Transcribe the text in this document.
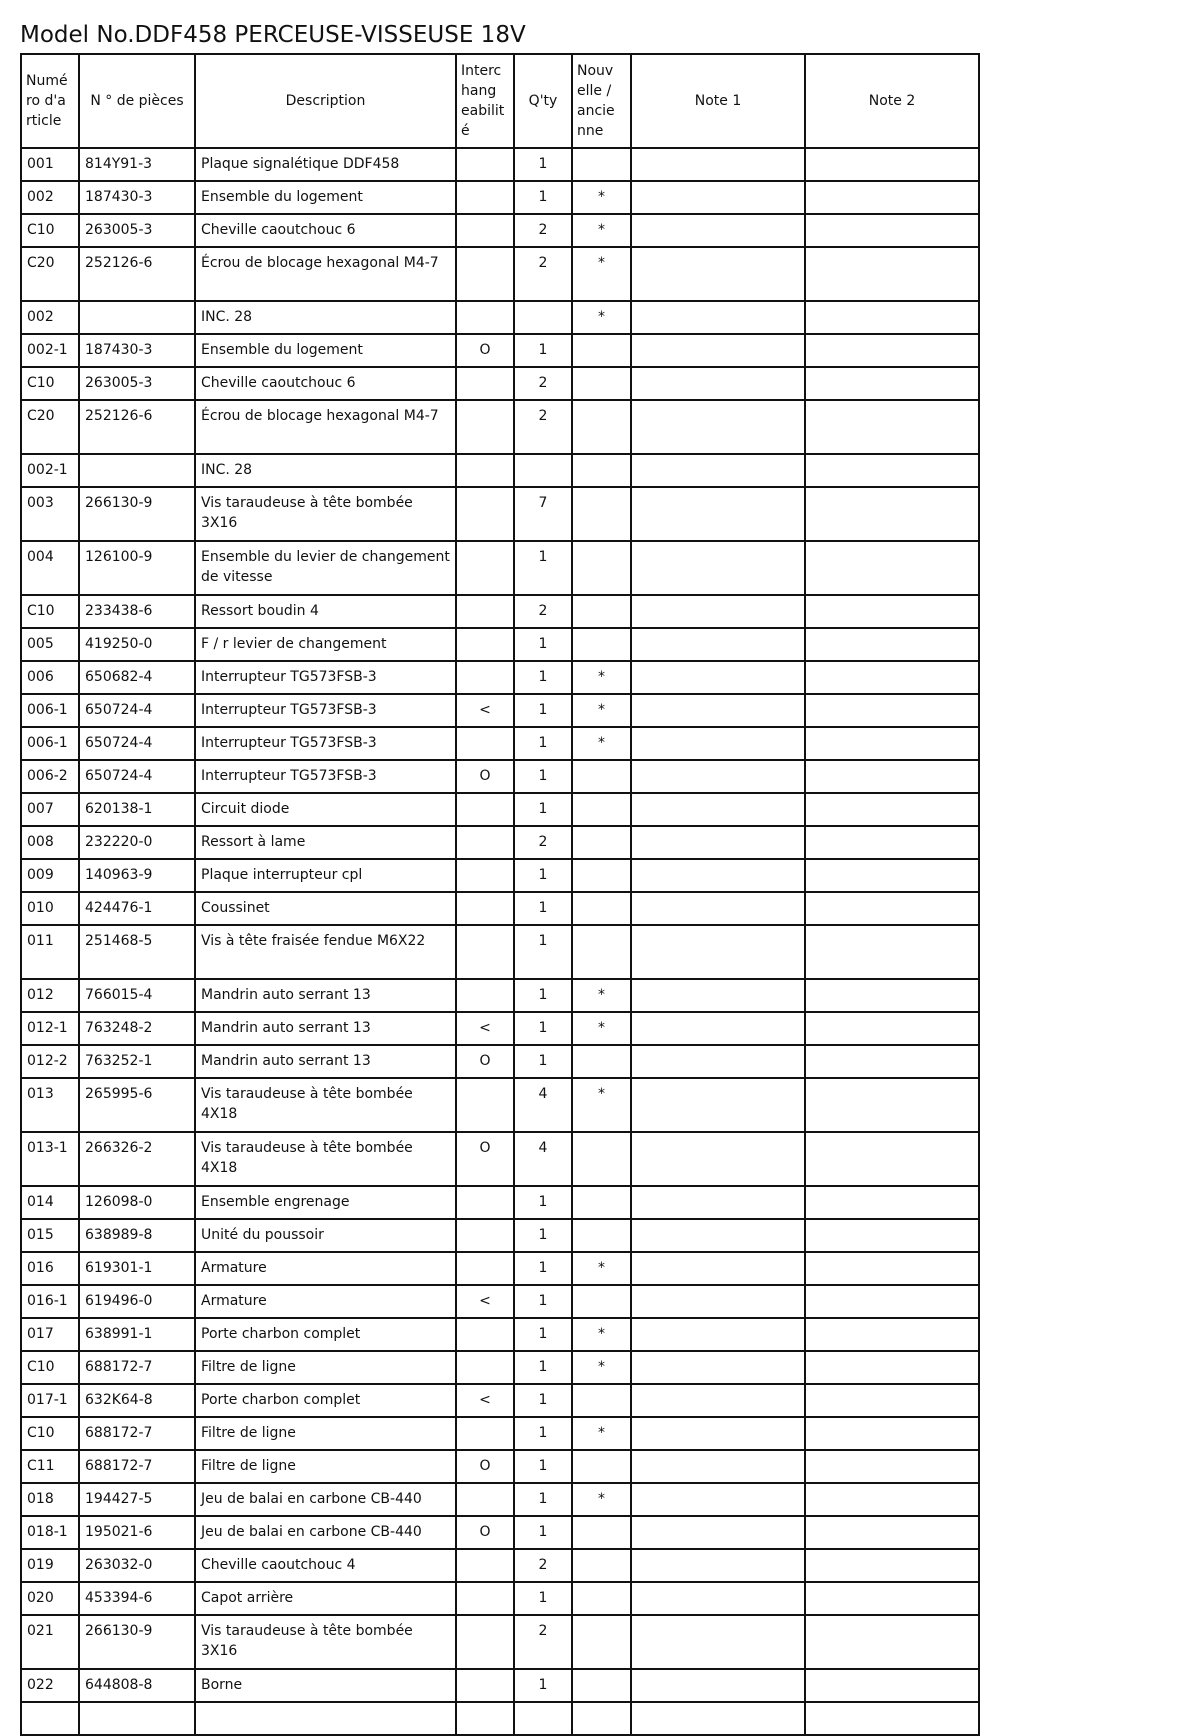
Model No.DDF458 PERCEUSE-VISSEUSE 18V
Numé ro d'a rticle	N ° de pièces	Description	Interc hang eabilit é	Q'ty	Nouv elle / ancie nne	Note 1	Note 2
001	814Y91-3	Plaque signalétique DDF458		1			
002	187430-3	Ensemble du logement		1	*		
C10	263005-3	Cheville caoutchouc 6		2	*		
C20	252126-6	Écrou de blocage hexagonal M4-7		2	*		
002		INC. 28			*		
002-1	187430-3	Ensemble du logement	O	1			
C10	263005-3	Cheville caoutchouc 6		2			
C20	252126-6	Écrou de blocage hexagonal M4-7		2			
002-1		INC. 28					
003	266130-9	Vis taraudeuse à tête bombée 3X16		7			
004	126100-9	Ensemble du levier de changement de vitesse		1			
C10	233438-6	Ressort boudin 4		2			
005	419250-0	F / r levier de changement		1			
006	650682-4	Interrupteur TG573FSB-3		1	*		
006-1	650724-4	Interrupteur TG573FSB-3	<	1	*		
006-1	650724-4	Interrupteur TG573FSB-3		1	*		
006-2	650724-4	Interrupteur TG573FSB-3	O	1			
007	620138-1	Circuit diode		1			
008	232220-0	Ressort à lame		2			
009	140963-9	Plaque interrupteur cpl		1			
010	424476-1	Coussinet		1			
011	251468-5	Vis à tête fraisée fendue M6X22		1			
012	766015-4	Mandrin auto serrant 13		1	*		
012-1	763248-2	Mandrin auto serrant 13	<	1	*		
012-2	763252-1	Mandrin auto serrant 13	O	1			
013	265995-6	Vis taraudeuse à tête bombée 4X18		4	*		
013-1	266326-2	Vis taraudeuse à tête bombée 4X18	O	4			
014	126098-0	Ensemble engrenage		1			
015	638989-8	Unité du poussoir		1			
016	619301-1	Armature		1	*		
016-1	619496-0	Armature	<	1			
017	638991-1	Porte charbon complet		1	*		
C10	688172-7	Filtre de ligne		1	*		
017-1	632K64-8	Porte charbon complet	<	1			
C10	688172-7	Filtre de ligne		1	*		
C11	688172-7	Filtre de ligne	O	1			
018	194427-5	Jeu de balai en carbone CB-440		1	*		
018-1	195021-6	Jeu de balai en carbone CB-440	O	1			
019	263032-0	Cheville caoutchouc 4		2			
020	453394-6	Capot arrière		1			
021	266130-9	Vis taraudeuse à tête bombée 3X16		2			
022	644808-8	Borne		1			
